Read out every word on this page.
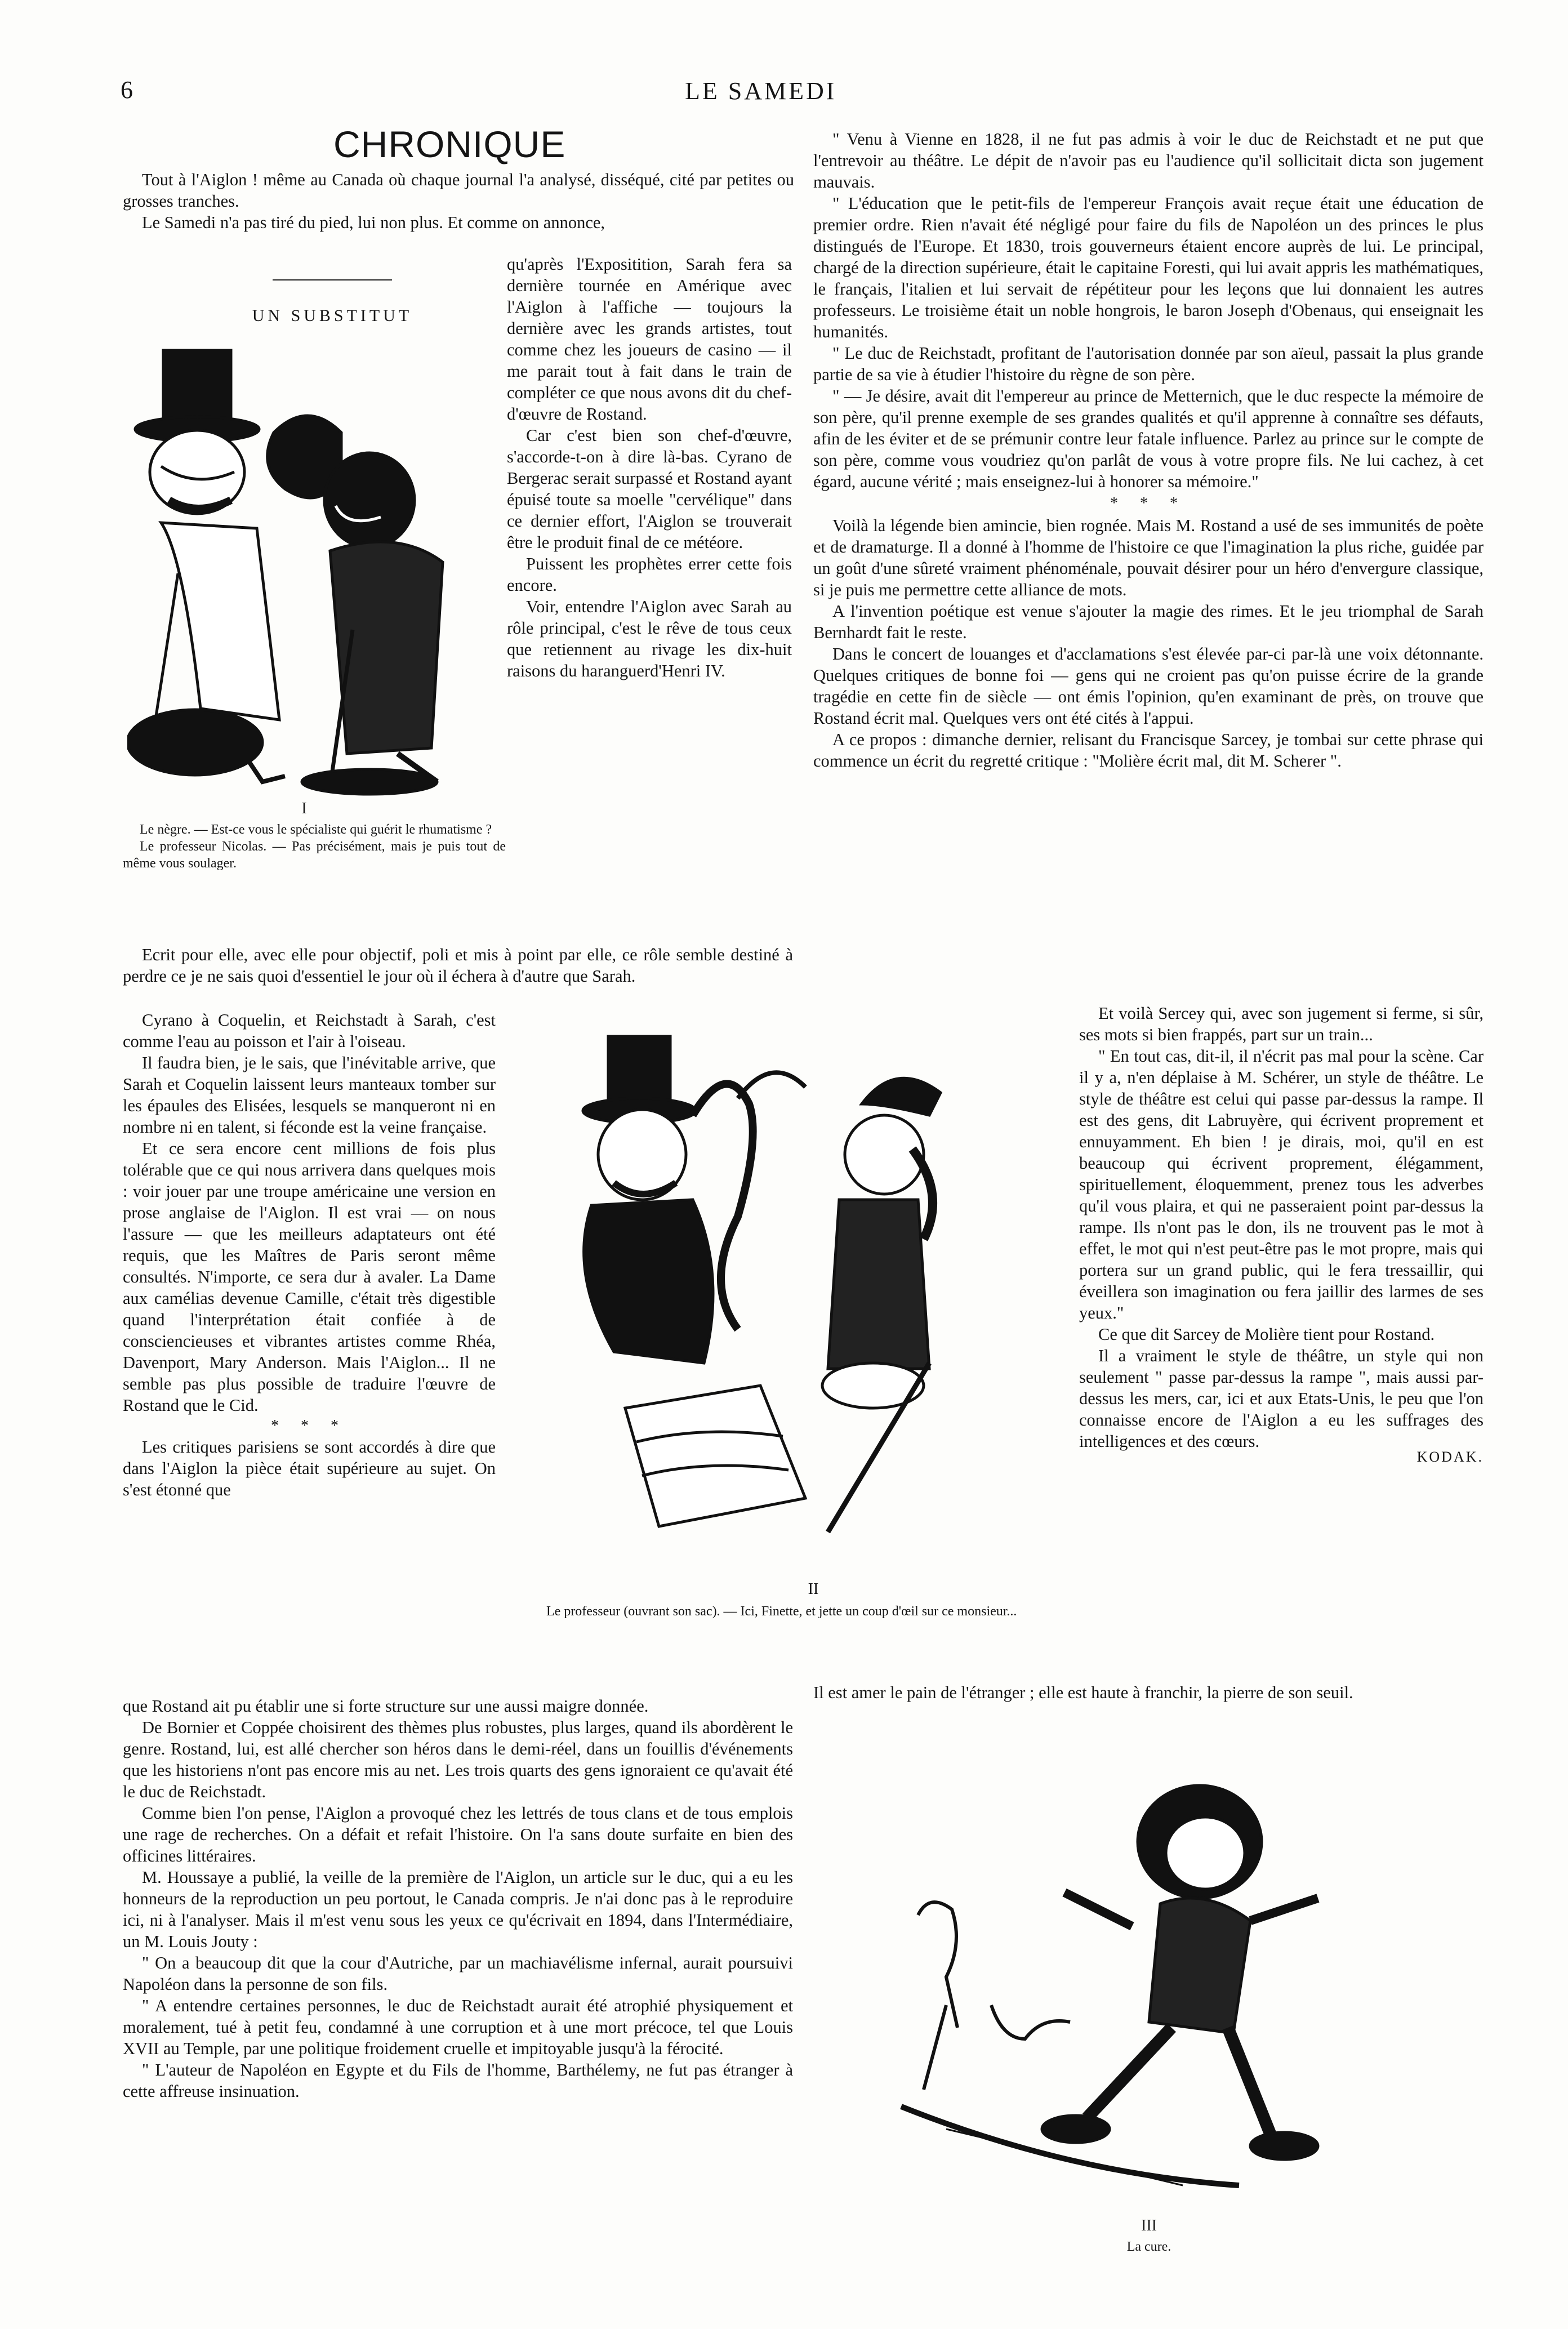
6	LE SAMEDI
CHRONIQUE

Tout à l'Aiglon ! même au Canada où chaque journal l'a analysé, disséqué, cité par petites ou grosses tranches.

Le Samedi n'a pas tiré du pied, lui non plus. Et comme on annonce,

UN SUBSTITUT
I

Le nègre. — Est-ce vous le spécialiste qui guérit le rhumatisme ?

Le professeur Nicolas. — Pas précisément, mais je puis tout de même vous soulager.

qu'après l'Expositition, Sarah fera sa dernière tournée en Amérique avec l'Aiglon à l'affiche — toujours la dernière avec les grands artistes, tout comme chez les joueurs de casino — il me parait tout à fait dans le train de compléter ce que nous avons dit du chef-d'œuvre de Rostand.

Car c'est bien son chef-d'œuvre, s'accorde-t-on à dire là-bas. Cyrano de Bergerac serait surpassé et Rostand ayant épuisé toute sa moelle "cervélique" dans ce dernier effort, l'Aiglon se trouverait être le produit final de ce météore.

Puissent les prophètes errer cette fois encore.

Voir, entendre l'Aiglon avec Sarah au rôle principal, c'est le rêve de tous ceux que retiennent au rivage les dix-huit raisons du haranguerd'Henri IV.

Ecrit pour elle, avec elle pour objectif, poli et mis à point par elle, ce rôle semble destiné à perdre ce je ne sais quoi d'essentiel le jour où il échera à d'autre que Sarah.

Cyrano à Coquelin, et Reichstadt à Sarah, c'est comme l'eau au poisson et l'air à l'oiseau.

Il faudra bien, je le sais, que l'inévitable arrive, que Sarah et Coquelin laissent leurs manteaux tomber sur les épaules des Elisées, lesquels se manqueront ni en nombre ni en talent, si féconde est la veine française.

Et ce sera encore cent millions de fois plus tolérable que ce qui nous arrivera dans quelques mois : voir jouer par une troupe américaine une version en prose anglaise de l'Aiglon. Il est vrai — on nous l'assure — que les meilleurs adaptateurs ont été requis, que les Maîtres de Paris seront même consultés. N'importe, ce sera dur à avaler. La Dame aux camélias devenue Camille, c'était très digestible quand l'interprétation était confiée à de consciencieuses et vibrantes artistes comme Rhéa, Davenport, Mary Anderson. Mais l'Aiglon... Il ne semble pas plus possible de traduire l'œuvre de Rostand que le Cid.

* * *

Les critiques parisiens se sont accordés à dire que dans l'Aiglon la pièce était supérieure au sujet. On s'est étonné que

II

Le professeur (ouvrant son sac). — Ici, Finette, et jette un coup d'œil sur ce monsieur...

que Rostand ait pu établir une si forte structure sur une aussi maigre donnée.

De Bornier et Coppée choisirent des thèmes plus robustes, plus larges, quand ils abordèrent le genre. Rostand, lui, est allé chercher son héros dans le demi-réel, dans un fouillis d'événements que les historiens n'ont pas encore mis au net. Les trois quarts des gens ignoraient ce qu'avait été le duc de Reichstadt.

Comme bien l'on pense, l'Aiglon a provoqué chez les lettrés de tous clans et de tous emplois une rage de recherches. On a défait et refait l'histoire. On l'a sans doute surfaite en bien des officines littéraires.

M. Houssaye a publié, la veille de la première de l'Aiglon, un article sur le duc, qui a eu les honneurs de la reproduction un peu portout, le Canada compris. Je n'ai donc pas à le reproduire ici, ni à l'analyser. Mais il m'est venu sous les yeux ce qu'écrivait en 1894, dans l'Intermédiaire, un M. Louis Jouty :

" On a beaucoup dit que la cour d'Autriche, par un machiavélisme infernal, aurait poursuivi Napoléon dans la personne de son fils.

" A entendre certaines personnes, le duc de Reichstadt aurait été atrophié physiquement et moralement, tué à petit feu, condamné à une corruption et à une mort précoce, tel que Louis XVII au Temple, par une politique froidement cruelle et impitoyable jusqu'à la férocité.

" L'auteur de Napoléon en Egypte et du Fils de l'homme, Barthélemy, ne fut pas étranger à cette affreuse insinuation.

" Venu à Vienne en 1828, il ne fut pas admis à voir le duc de Reichstadt et ne put que l'entrevoir au théâtre. Le dépit de n'avoir pas eu l'audience qu'il sollicitait dicta son jugement mauvais.

" L'éducation que le petit-fils de l'empereur François avait reçue était une éducation de premier ordre. Rien n'avait été négligé pour faire du fils de Napoléon un des princes le plus distingués de l'Europe. Et 1830, trois gouverneurs étaient encore auprès de lui. Le principal, chargé de la direction supérieure, était le capitaine Foresti, qui lui avait appris les mathématiques, le français, l'italien et lui servait de répétiteur pour les leçons que lui donnaient les autres professeurs. Le troisième était un noble hongrois, le baron Joseph d'Obenaus, qui enseignait les humanités.

" Le duc de Reichstadt, profitant de l'autorisation donnée par son aïeul, passait la plus grande partie de sa vie à étudier l'histoire du règne de son père.

" — Je désire, avait dit l'empereur au prince de Metternich, que le duc respecte la mémoire de son père, qu'il prenne exemple de ses grandes qualités et qu'il apprenne à connaître ses défauts, afin de les éviter et de se prémunir contre leur fatale influence. Parlez au prince sur le compte de son père, comme vous voudriez qu'on parlât de vous à votre propre fils. Ne lui cachez, à cet égard, aucune vérité ; mais enseignez-lui à honorer sa mémoire."

* * *

Voilà la légende bien amincie, bien rognée. Mais M. Rostand a usé de ses immunités de poète et de dramaturge. Il a donné à l'homme de l'histoire ce que l'imagination la plus riche, guidée par un goût d'une sûreté vraiment phénoménale, pouvait désirer pour un héro d'envergure classique, si je puis me permettre cette alliance de mots.

A l'invention poétique est venue s'ajouter la magie des rimes. Et le jeu triomphal de Sarah Bernhardt fait le reste.

Dans le concert de louanges et d'acclamations s'est élevée par-ci par-là une voix détonnante. Quelques critiques de bonne foi — gens qui ne croient pas qu'on puisse écrire de la grande tragédie en cette fin de siècle — ont émis l'opinion, qu'en examinant de près, on trouve que Rostand écrit mal. Quelques vers ont été cités à l'appui.

A ce propos : dimanche dernier, relisant du Francisque Sarcey, je tombai sur cette phrase qui commence un écrit du regretté critique : "Molière écrit mal, dit M. Scherer ".

Et voilà Sercey qui, avec son jugement si ferme, si sûr, ses mots si bien frappés, part sur un train...

" En tout cas, dit-il, il n'écrit pas mal pour la scène. Car il y a, n'en déplaise à M. Schérer, un style de théâtre. Le style de théâtre est celui qui passe par-dessus la rampe. Il est des gens, dit Labruyère, qui écrivent proprement et ennuyamment. Eh bien ! je dirais, moi, qu'il en est beaucoup qui écrivent proprement, élégamment, spirituellement, éloquemment, prenez tous les adverbes qu'il vous plaira, et qui ne passeraient point par-dessus la rampe. Ils n'ont pas le don, ils ne trouvent pas le mot à effet, le mot qui n'est peut-être pas le mot propre, mais qui portera sur un grand public, qui le fera tressaillir, qui éveillera son imagination ou fera jaillir des larmes de ses yeux."

Ce que dit Sarcey de Molière tient pour Rostand.

Il a vraiment le style de théâtre, un style qui non seulement " passe par-dessus la rampe ", mais aussi par-dessus les mers, car, ici et aux Etats-Unis, le peu que l'on connaisse encore de l'Aiglon a eu les suffrages des intelligences et des cœurs.

KODAK.

Il est amer le pain de l'étranger ; elle est haute à franchir, la pierre de son seuil.

III
La cure.
